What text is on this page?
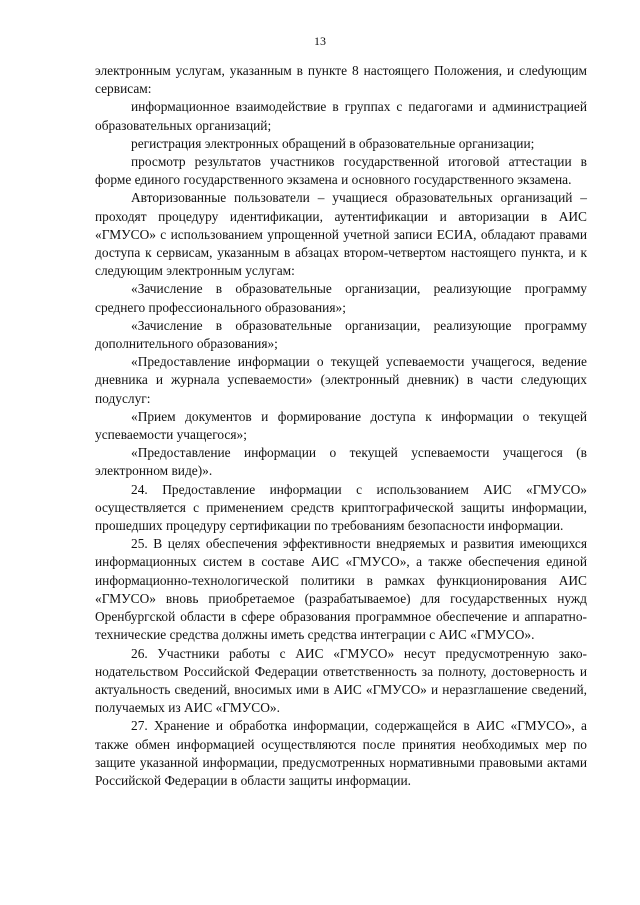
13

электронным услугам, указанным в пункте 8 настоящего Положения, и слеdующим сервисам:

информационное взаимодействие в группах с педагогами и администрацией образовательных организаций;

регистрация электронных обращений в образовательные организации;

просмотр результатов участников государственной итоговой аттестации в форме единого государственного экзамена и основного государственного экзамена.

Авторизованные пользователи – учащиеся образовательных организаций – проходят процедуру идентификации, аутентификации и авторизации в АИС «ГМУСО» с использованием упрощенной учетной записи ЕСИА, обладают правами доступа к сервисам, указанным в абзацах втором-четвертом настоящего пункта, и к следующим электронным услугам:

«Зачисление в образовательные организации, реализующие программу среднего профессионального образования»;

«Зачисление в образовательные организации, реализующие программу дополнительного образования»;

«Предоставление информации о текущей успеваемости учащегося, ведение дневника и журнала успеваемости» (электронный дневник) в части следующих подуслуг:

«Прием документов и формирование доступа к информации о текущей успеваемости учащегося»;

«Предоставление информации о текущей успеваемости учащегося (в электронном виде)».

24. Предоставление информации с использованием АИС «ГМУСО» осуществляется с применением средств криптографической защиты информации, прошедших процедуру сертификации по требованиям безопасности информации.

25. В целях обеспечения эффективности внедряемых и развития имеющихся информационных систем в составе АИС «ГМУСО», а также обеспечения единой информационно-технологической политики в рамках функционирования АИС «ГМУСО» вновь приобретаемое (разрабатываемое) для государственных нужд Оренбургской области в сфере образования программное обеспечение и аппаратно-технические средства должны иметь средства интеграции с АИС «ГМУСО».

26. Участники работы с АИС «ГМУСО» несут предусмотренную законодательством Российской Федерации ответственность за полноту, достоверность и актуальность сведений, вносимых ими в АИС «ГМУСО» и неразглашение сведений, получаемых из АИС «ГМУСО».

27. Хранение и обработка информации, содержащейся в АИС «ГМУСО», а также обмен информацией осуществляются после принятия необходимых мер по защите указанной информации, предусмотренных нормативными правовыми актами Российской Федерации в области защиты информации.
